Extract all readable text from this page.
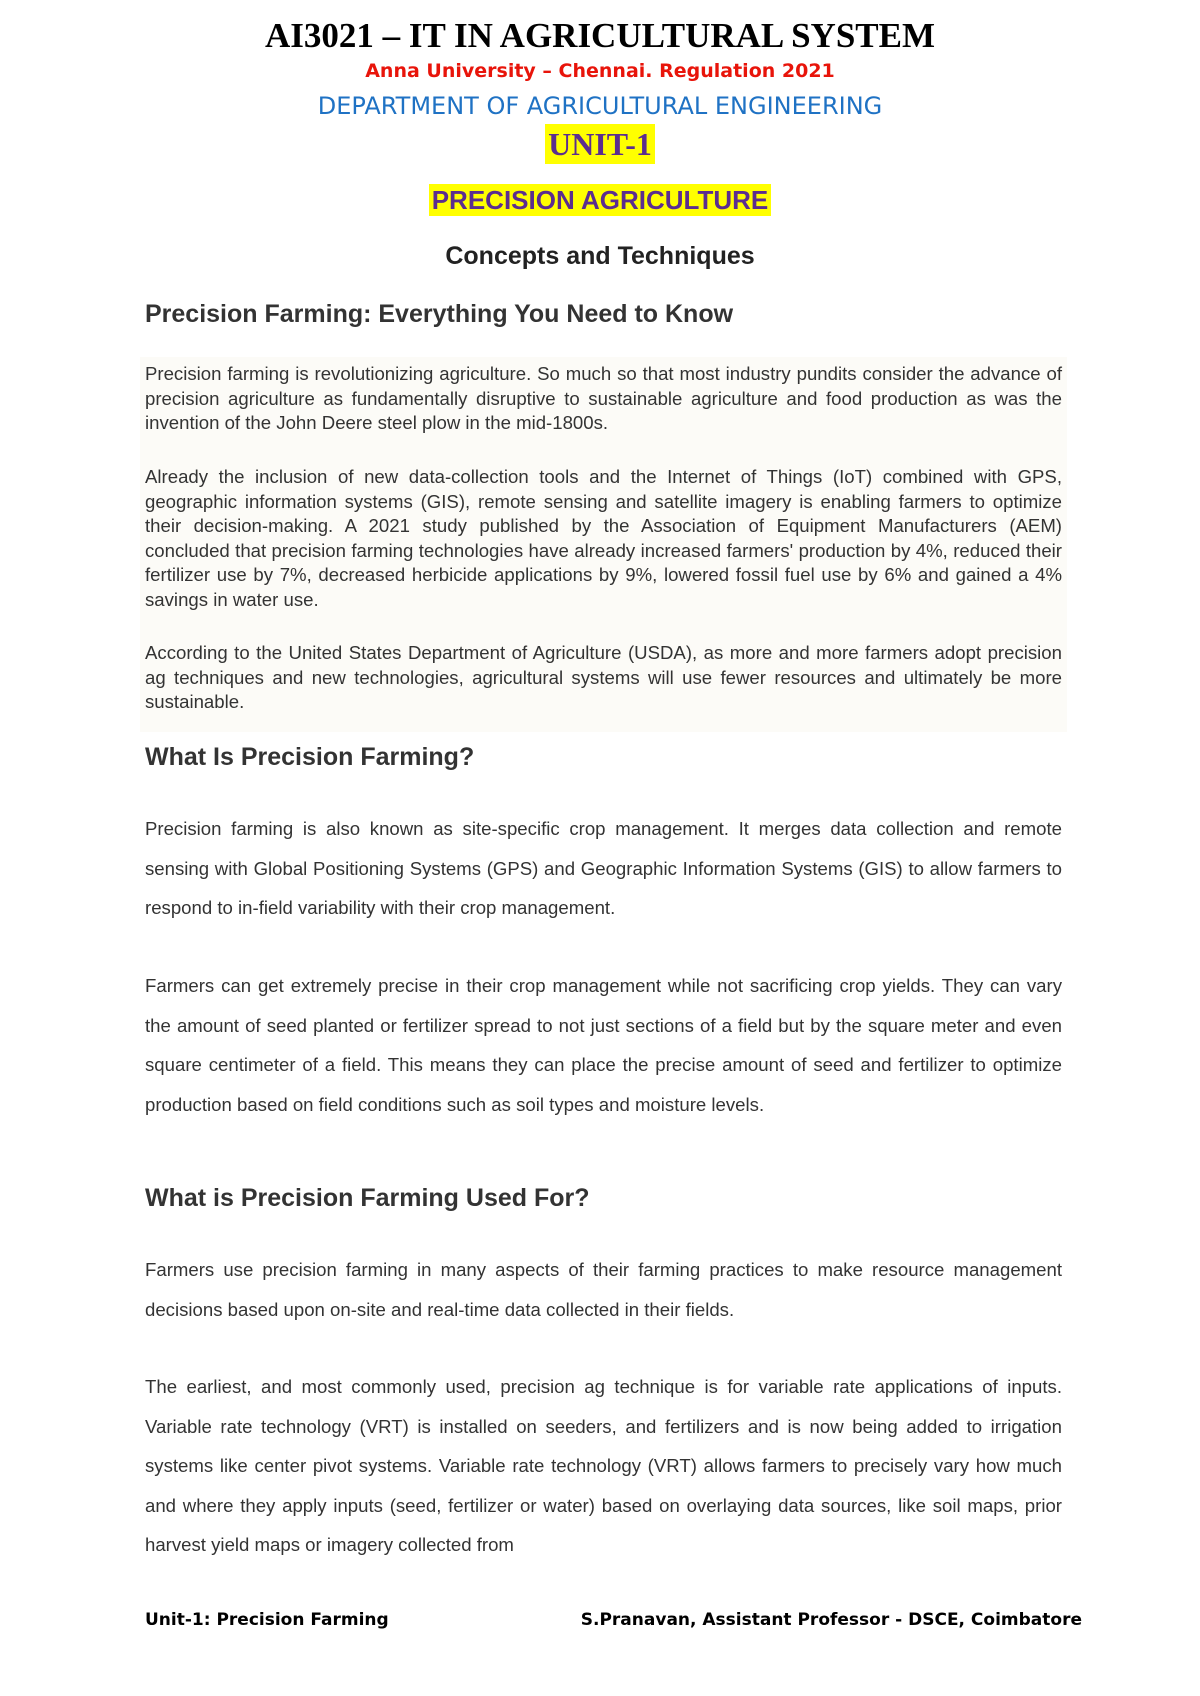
AI3021 – IT IN AGRICULTURAL SYSTEM
Anna University – Chennai. Regulation 2021
DEPARTMENT OF AGRICULTURAL ENGINEERING
UNIT-1
PRECISION AGRICULTURE
Concepts and Techniques
Precision Farming: Everything You Need to Know

Precision farming is revolutionizing agriculture. So much so that most industry pundits consider the advance of precision agriculture as fundamentally disruptive to sustainable agriculture and food production as was the invention of the John Deere steel plow in the mid-1800s.

Already the inclusion of new data-collection tools and the Internet of Things (IoT) combined with GPS, geographic information systems (GIS), remote sensing and satellite imagery is enabling farmers to optimize their decision-making. A 2021 study published by the Association of Equipment Manufacturers (AEM) concluded that precision farming technologies have already increased farmers' production by 4%, reduced their fertilizer use by 7%, decreased herbicide applications by 9%, lowered fossil fuel use by 6% and gained a 4% savings in water use.

According to the United States Department of Agriculture (USDA), as more and more farmers adopt precision ag techniques and new technologies, agricultural systems will use fewer resources and ultimately be more sustainable.

What Is Precision Farming?

Precision farming is also known as site-specific crop management. It merges data collection and remote sensing with Global Positioning Systems (GPS) and Geographic Information Systems (GIS) to allow farmers to respond to in-field variability with their crop management.

Farmers can get extremely precise in their crop management while not sacrificing crop yields. They can vary the amount of seed planted or fertilizer spread to not just sections of a field but by the square meter and even square centimeter of a field. This means they can place the precise amount of seed and fertilizer to optimize production based on field conditions such as soil types and moisture levels.

What is Precision Farming Used For?

Farmers use precision farming in many aspects of their farming practices to make resource management decisions based upon on-site and real-time data collected in their fields.

The earliest, and most commonly used, precision ag technique is for variable rate applications of inputs. Variable rate technology (VRT) is installed on seeders, and fertilizers and is now being added to irrigation systems like center pivot systems. Variable rate technology (VRT) allows farmers to precisely vary how much and where they apply inputs (seed, fertilizer or water) based on overlaying data sources, like soil maps, prior harvest yield maps or imagery collected from

Unit-1: Precision Farming	S.Pranavan, Assistant Professor - DSCE, Coimbatore
